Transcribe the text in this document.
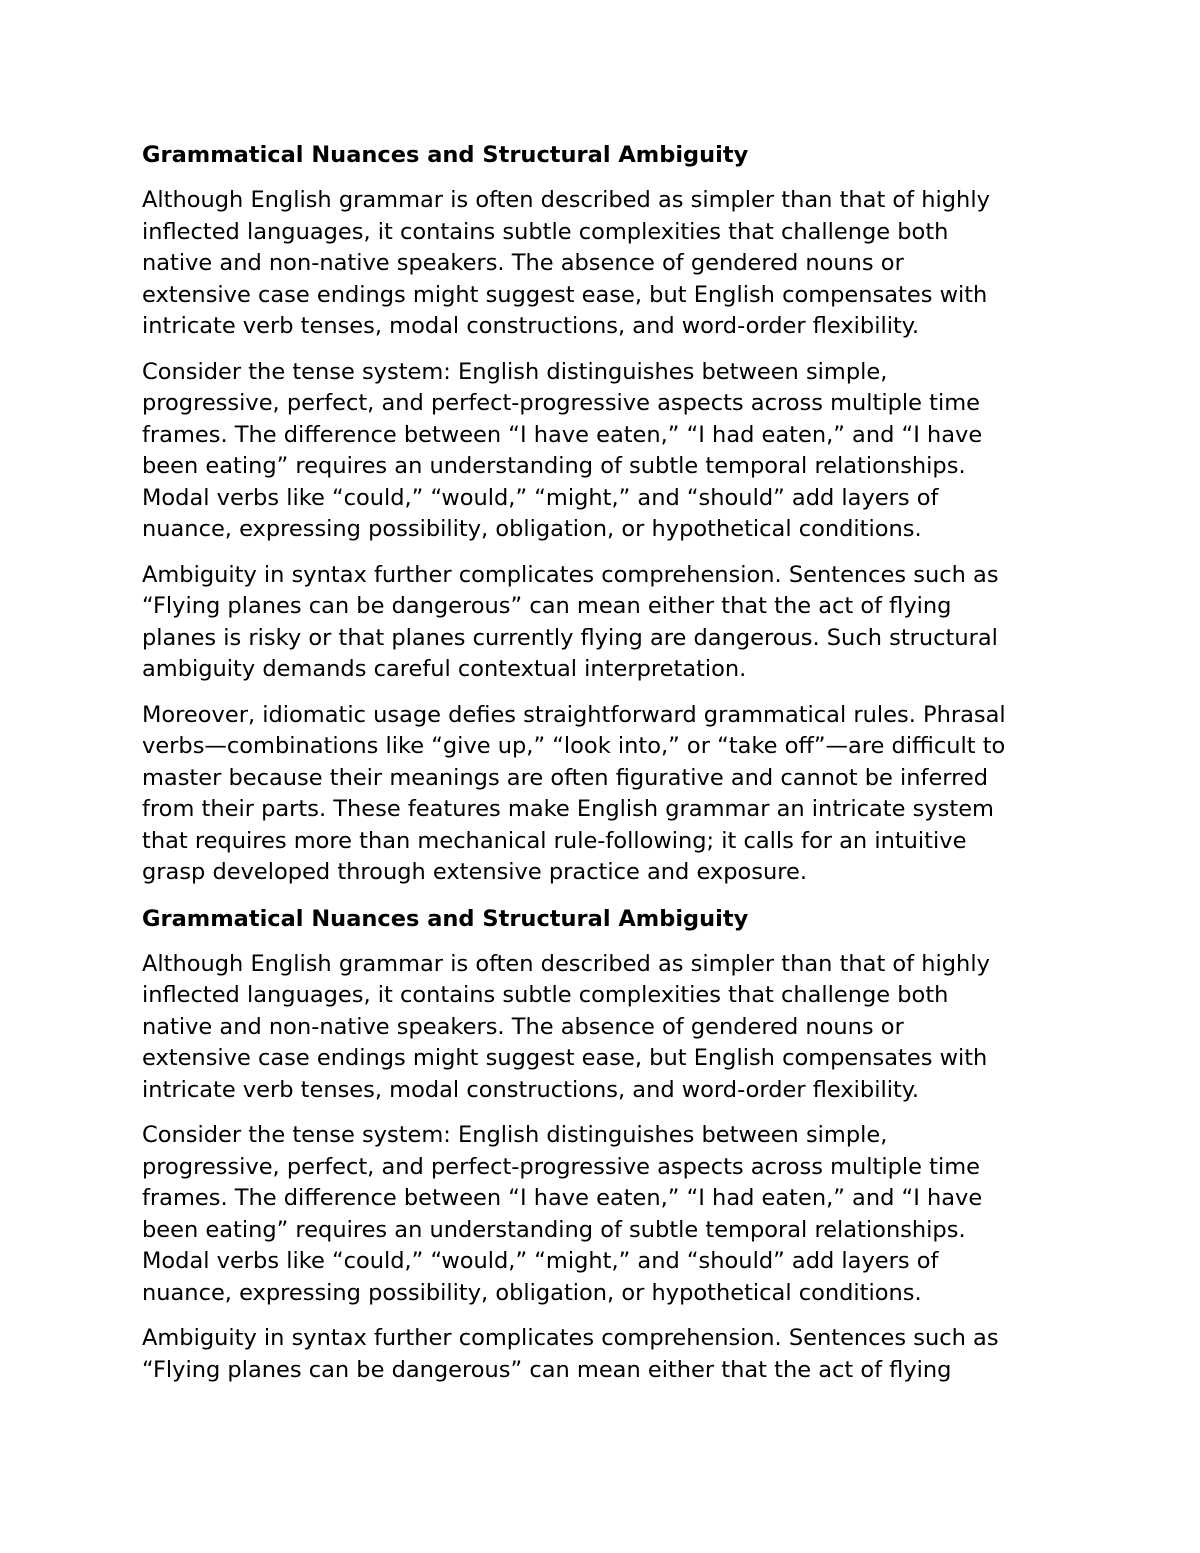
Grammatical Nuances and Structural Ambiguity

Although English grammar is often described as simpler than that of highly
inflected languages, it contains subtle complexities that challenge both
native and non-native speakers. The absence of gendered nouns or
extensive case endings might suggest ease, but English compensates with
intricate verb tenses, modal constructions, and word-order flexibility.

Consider the tense system: English distinguishes between simple,
progressive, perfect, and perfect-progressive aspects across multiple time
frames. The difference between “I have eaten,” “I had eaten,” and “I have
been eating” requires an understanding of subtle temporal relationships.
Modal verbs like “could,” “would,” “might,” and “should” add layers of
nuance, expressing possibility, obligation, or hypothetical conditions.

Ambiguity in syntax further complicates comprehension. Sentences such as
“Flying planes can be dangerous” can mean either that the act of flying
planes is risky or that planes currently flying are dangerous. Such structural
ambiguity demands careful contextual interpretation.

Moreover, idiomatic usage defies straightforward grammatical rules. Phrasal
verbs—combinations like “give up,” “look into,” or “take off”—are difficult to
master because their meanings are often figurative and cannot be inferred
from their parts. These features make English grammar an intricate system
that requires more than mechanical rule-following; it calls for an intuitive
grasp developed through extensive practice and exposure.

Grammatical Nuances and Structural Ambiguity

Although English grammar is often described as simpler than that of highly
inflected languages, it contains subtle complexities that challenge both
native and non-native speakers. The absence of gendered nouns or
extensive case endings might suggest ease, but English compensates with
intricate verb tenses, modal constructions, and word-order flexibility.

Consider the tense system: English distinguishes between simple,
progressive, perfect, and perfect-progressive aspects across multiple time
frames. The difference between “I have eaten,” “I had eaten,” and “I have
been eating” requires an understanding of subtle temporal relationships.
Modal verbs like “could,” “would,” “might,” and “should” add layers of
nuance, expressing possibility, obligation, or hypothetical conditions.

Ambiguity in syntax further complicates comprehension. Sentences such as
“Flying planes can be dangerous” can mean either that the act of flying
